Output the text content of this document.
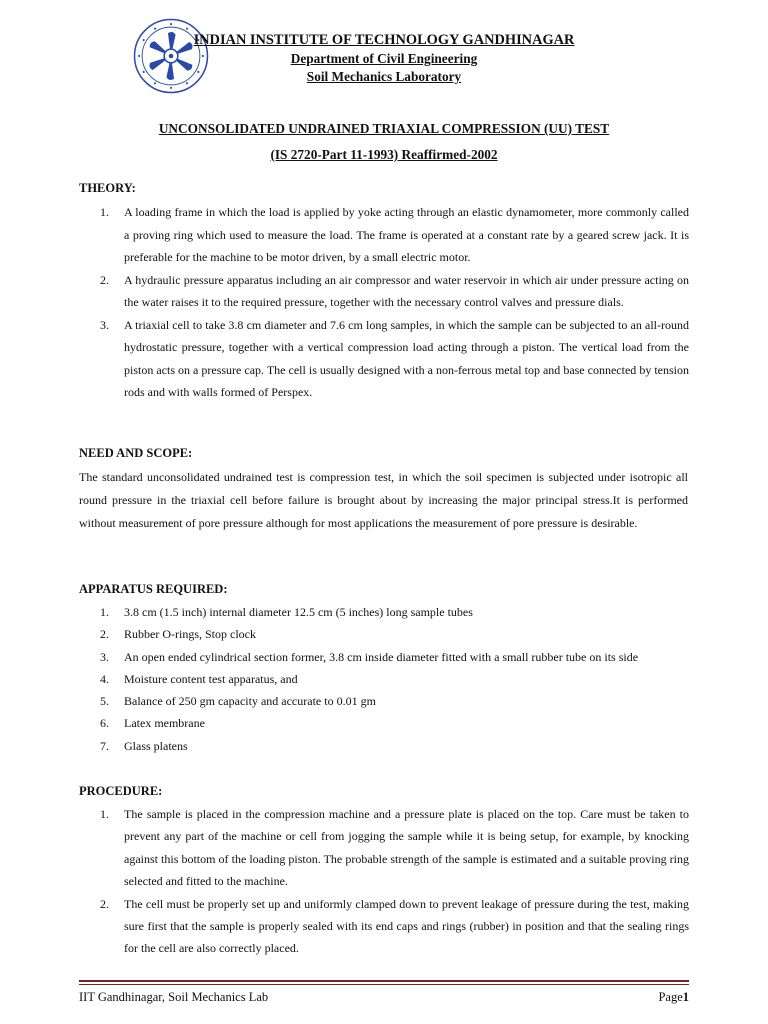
INDIAN INSTITUTE OF TECHNOLOGY GANDHINAGAR
Department of Civil Engineering
Soil Mechanics Laboratory
UNCONSOLIDATED UNDRAINED TRIAXIAL COMPRESSION (UU) TEST
(IS 2720-Part 11-1993) Reaffirmed-2002
THEORY:
1. A loading frame in which the load is applied by yoke acting through an elastic dynamometer, more commonly called a proving ring which used to measure the load. The frame is operated at a constant rate by a geared screw jack. It is preferable for the machine to be motor driven, by a small electric motor.
2. A hydraulic pressure apparatus including an air compressor and water reservoir in which air under pressure acting on the water raises it to the required pressure, together with the necessary control valves and pressure dials.
3. A triaxial cell to take 3.8 cm diameter and 7.6 cm long samples, in which the sample can be subjected to an all-round hydrostatic pressure, together with a vertical compression load acting through a piston. The vertical load from the piston acts on a pressure cap. The cell is usually designed with a non-ferrous metal top and base connected by tension rods and with walls formed of Perspex.
NEED AND SCOPE:

The standard unconsolidated undrained test is compression test, in which the soil specimen is subjected under isotropic all round pressure in the triaxial cell before failure is brought about by increasing the major principal stress.It is performed without measurement of pore pressure although for most applications the measurement of pore pressure is desirable.

APPARATUS REQUIRED:
1. 3.8 cm (1.5 inch) internal diameter 12.5 cm (5 inches) long sample tubes
2. Rubber O-rings, Stop clock
3. An open ended cylindrical section former, 3.8 cm inside diameter fitted with a small rubber tube on its side
4. Moisture content test apparatus, and
5. Balance of 250 gm capacity and accurate to 0.01 gm
6. Latex membrane
7. Glass platens
PROCEDURE:
1. The sample is placed in the compression machine and a pressure plate is placed on the top. Care must be taken to prevent any part of the machine or cell from jogging the sample while it is being setup, for example, by knocking against this bottom of the loading piston. The probable strength of the sample is estimated and a suitable proving ring selected and fitted to the machine.
2. The cell must be properly set up and uniformly clamped down to prevent leakage of pressure during the test, making sure first that the sample is properly sealed with its end caps and rings (rubber) in position and that the sealing rings for the cell are also correctly placed.
IIT Gandhinagar, Soil Mechanics Lab	Page1
